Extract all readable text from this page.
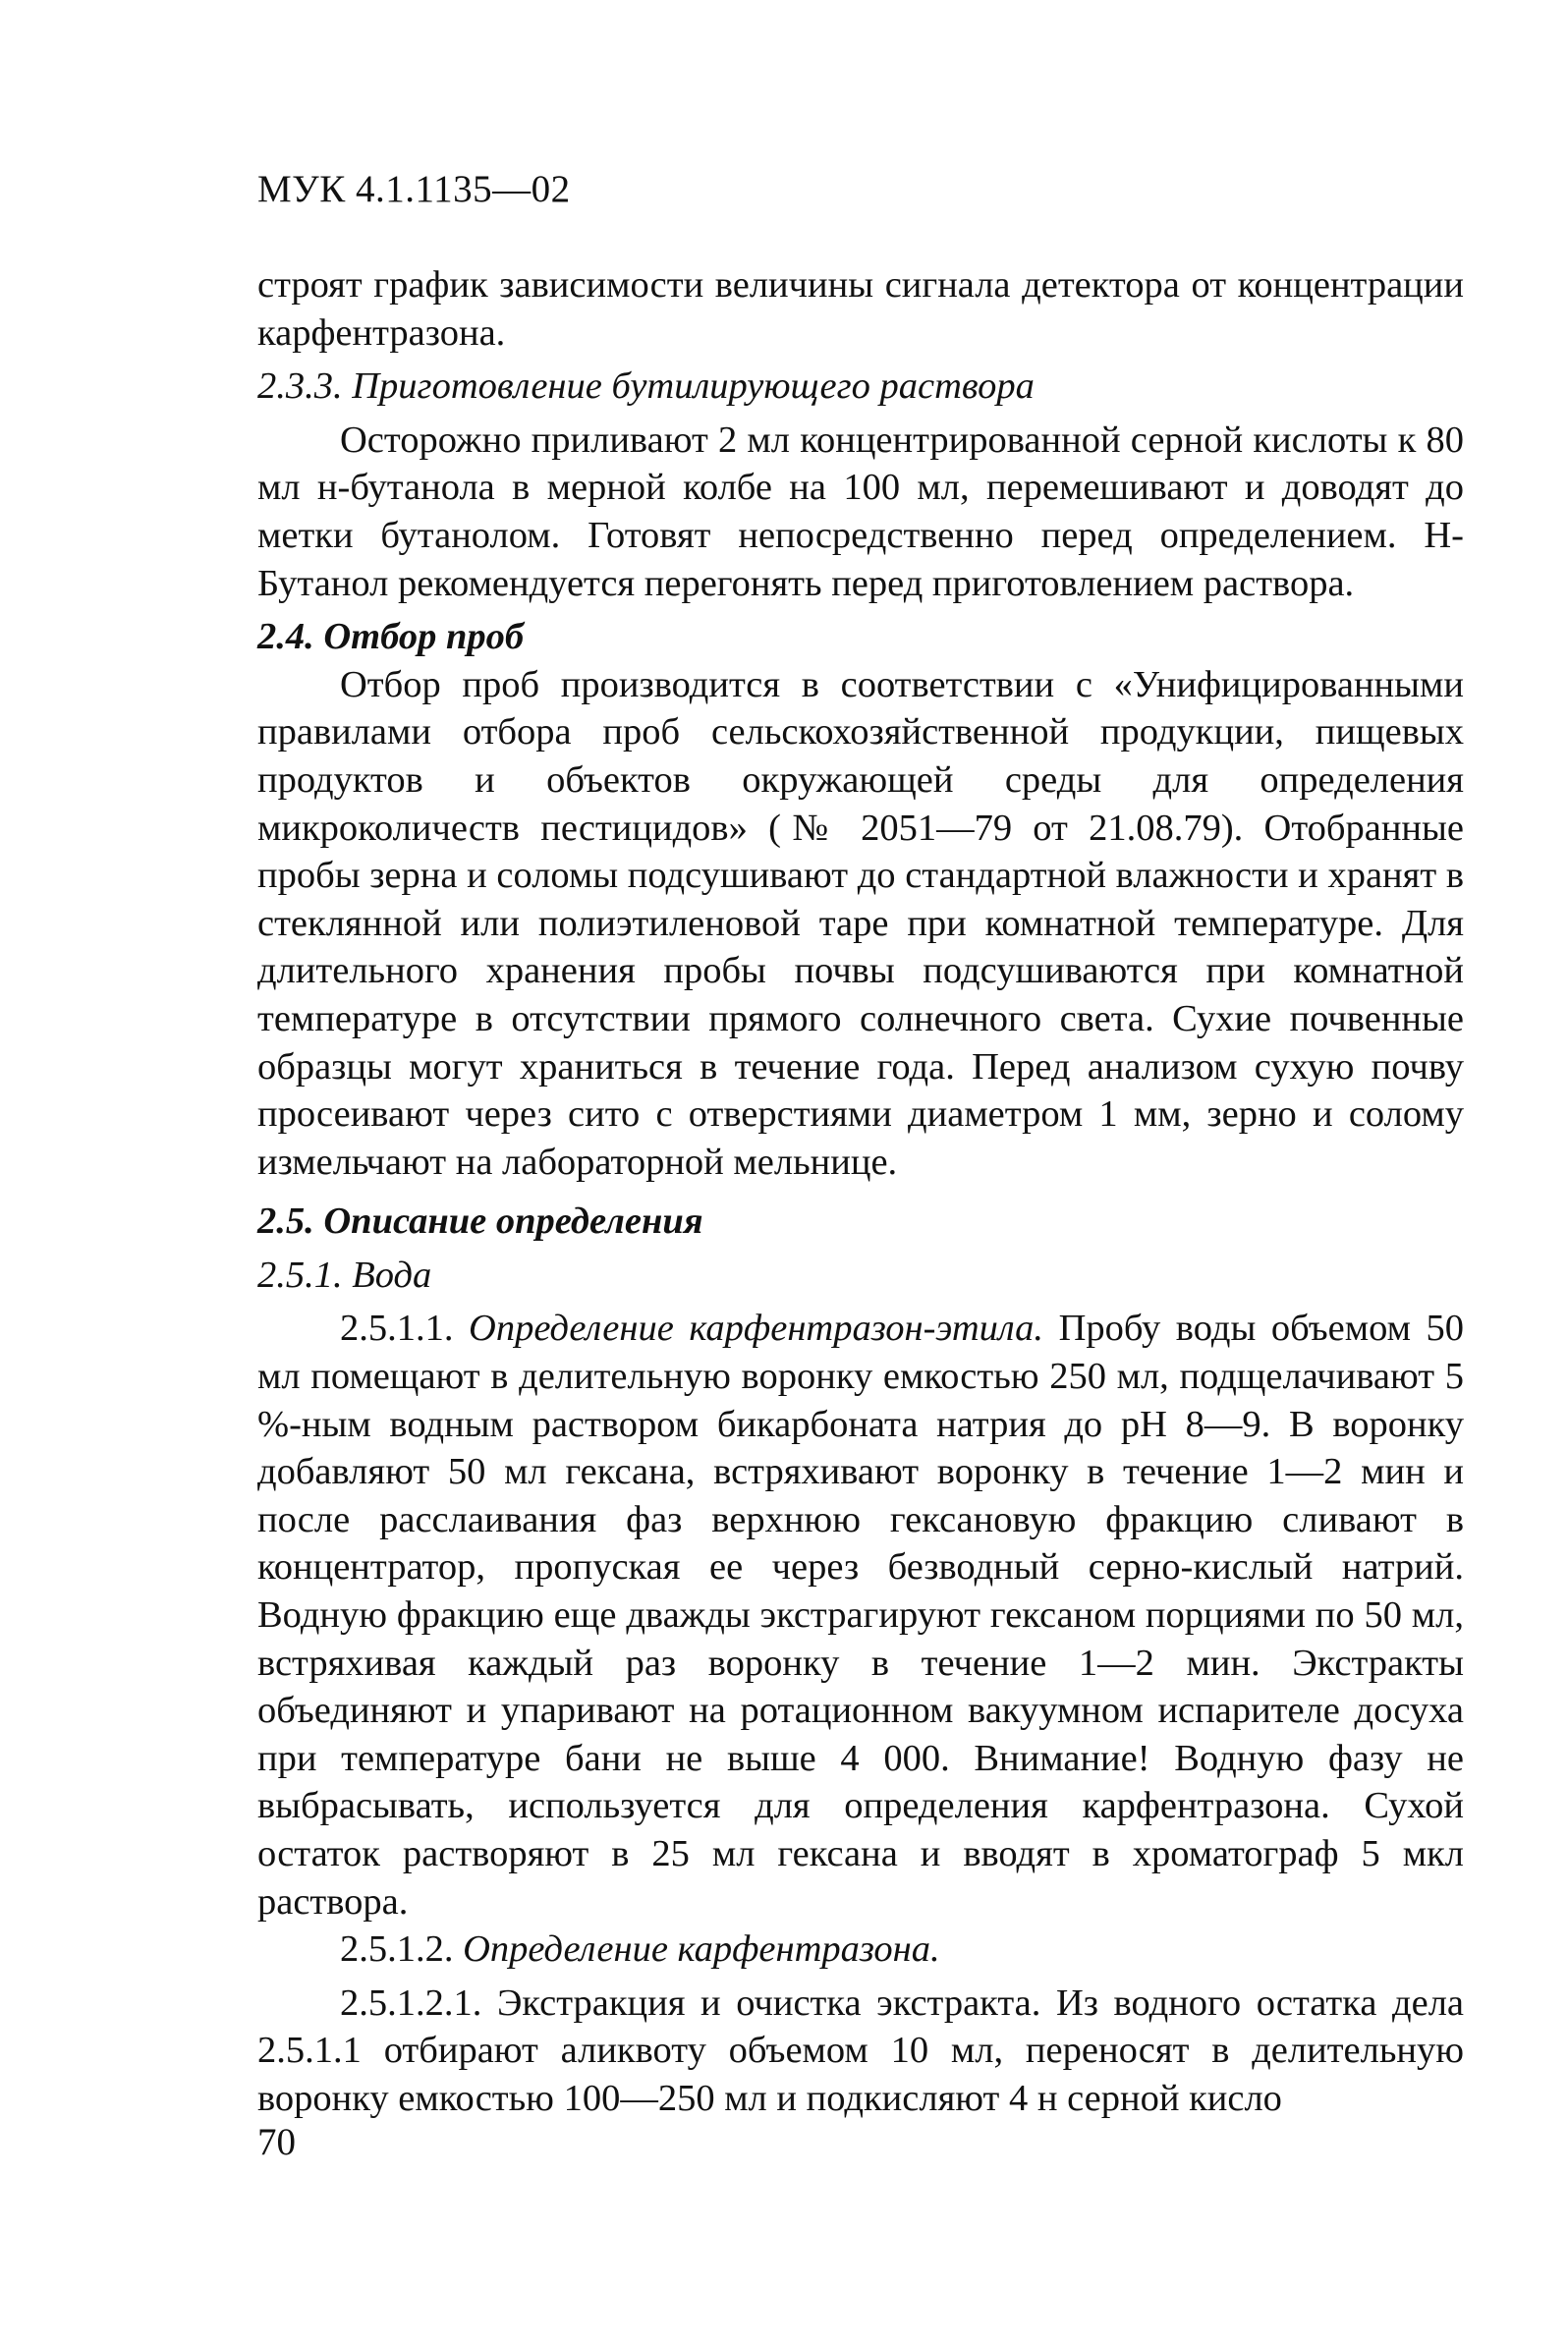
МУК 4.1.1135—02

строят график зависимости величины сигнала детектора от концентрации карфентразона.

2.3.3. Приготовление бутилирующего раствора

Осторожно приливают 2 мл концентрированной серной кислоты к 80 мл н-бутанола в мерной колбе на 100 мл, перемешивают и доводят до метки бутанолом. Готовят непосредственно перед определением. Н-Бутанол рекомендуется перегонять перед приготовлением раствора.

2.4. Отбор проб

Отбор проб производится в соответствии с «Унифицированными правилами отбора проб сельскохозяйственной продукции, пищевых продуктов и объектов окружающей среды для определения микроколичеств пестицидов» (№ 2051—79 от 21.08.79). Отобранные пробы зерна и соломы подсушивают до стандартной влажности и хранят в стеклянной или полиэтиленовой таре при комнатной температуре. Для длительного хранения пробы почвы подсушиваются при комнатной температуре в отсутствии прямого солнечного света. Сухие почвенные образцы могут храниться в течение года. Перед анализом сухую почву просеивают через сито с отверстиями диаметром 1 мм, зерно и солому измельчают на лабораторной мельнице.

2.5. Описание определения

2.5.1. Вода

2.5.1.1. Определение карфентразон-этила. Пробу воды объемом 50 мл помещают в делительную воронку емкостью 250 мл, подщелачивают 5 %-ным водным раствором бикарбоната натрия до pH 8—9. В воронку добавляют 50 мл гексана, встряхивают воронку в течение 1—2 мин и после расслаивания фаз верхнюю гексановую фракцию сливают в концентратор, пропуская ее через безводный серно-кислый натрий. Водную фракцию еще дважды экстрагируют гексаном порциями по 50 мл, встряхивая каждый раз воронку в течение 1—2 мин. Экстракты объединяют и упаривают на ротационном вакуумном испарителе досуха при температуре бани не выше 4 000. Внимание! Водную фазу не выбрасывать, используется для определения карфентразона. Сухой остаток растворяют в 25 мл гексана и вводят в хроматограф 5 мкл раствора.

2.5.1.2. Определение карфентразона.

2.5.1.2.1. Экстракция и очистка экстракта. Из водного остатка дела 2.5.1.1 отбирают аликвоту объемом 10 мл, переносят в делительную воронку емкостью 100—250 мл и подкисляют 4 н серной кисло

70
